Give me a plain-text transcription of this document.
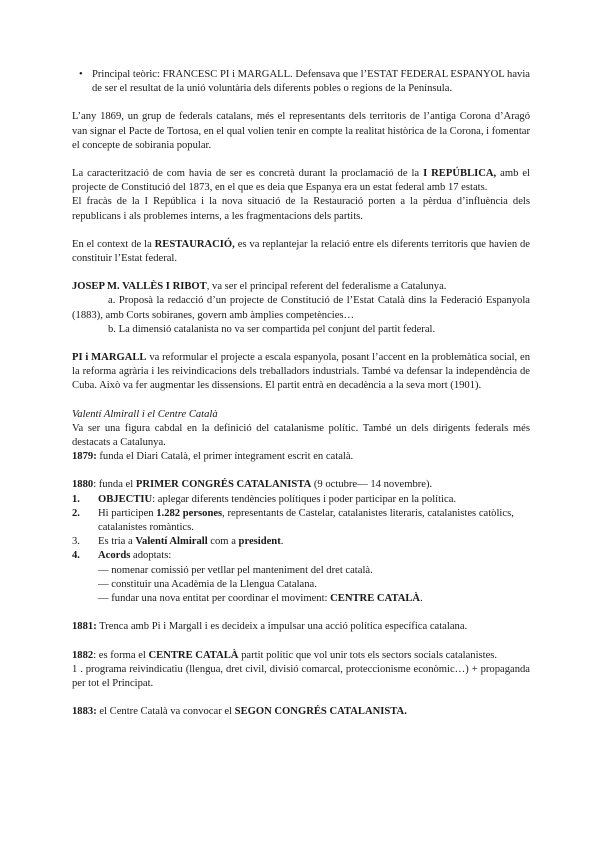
• Principal teòric: FRANCESC PI i MARGALL. Defensava que l’ESTAT FEDERAL ESPANYOL havia de ser el resultat de la unió voluntària dels diferents pobles o regions de la Península.

L’any 1869, un grup de federals catalans, més el representants dels territoris de l’antiga Corona d’Aragó van signar el Pacte de Tortosa, en el qual volien tenir en compte la realitat històrica de la Corona, i fomentar el concepte de sobirania popular.

La caracterització de com havia de ser es concretà durant la proclamació de la I REPÚBLICA, amb el projecte de Constitució del 1873, en el que es deia que Espanya era un estat federal amb 17 estats.

El fracàs de la I República i la nova situació de la Restauració porten a la pèrdua d’influència dels republicans i als problemes interns, a les fragmentacions dels partits.

En el context de la RESTAURACIÓ, es va replantejar la relació entre els diferents territoris que havien de constituir l’Estat federal.

JOSEP M. VALLÈS I RIBOT, va ser el principal referent del federalisme a Catalunya.

a. Proposà la redacció d’un projecte de Constitució de l’Estat Català dins la Federació Espanyola (1883), amb Corts sobiranes, govern amb àmplies competències…

b. La dimensió catalanista no va ser compartida pel conjunt del partit federal.

PI i MARGALL va reformular el projecte a escala espanyola, posant l’accent en la problemàtica social, en la reforma agrària i les reivindicacions dels treballadors industrials. També va defensar la independència de Cuba. Això va fer augmentar les dissensions. El partit entrà en decadència a la seva mort (1901).

Valentí Almirall i el Centre Català

Va ser una figura cabdal en la definició del catalanisme polític. També un dels dirigents federals més destacats a Catalunya.

1879: funda el Diari Català, el primer íntegrament escrit en català.

1880: funda el PRIMER CONGRÉS CATALANISTA (9 octubre— 14 novembre).

1. OBJECTIU: aplegar diferents tendències polítiques i poder participar en la política.
2. Hi participen 1.282 persones, representants de Castelar, catalanistes literaris, catalanistes catòlics, catalanistes romàntics.
3. Es tria a Valentí Almirall com a president.
4. Acords adoptats:

— nomenar comissió per vetllar pel manteniment del dret català.

— constituir una Acadèmia de la Llengua Catalana.

— fundar una nova entitat per coordinar el moviment: CENTRE CATALÀ.

1881: Trenca amb Pi i Margall i es decideix a impulsar una acció política específica catalana.

1882: es forma el CENTRE CATALÀ partit polític que vol unir tots els sectors socials catalanistes.

1 . programa reivindicatiu (llengua, dret civil, divisió comarcal, proteccionisme econòmic…) + propaganda per tot el Principat.

1883: el Centre Català va convocar el SEGON CONGRÉS CATALANISTA.
